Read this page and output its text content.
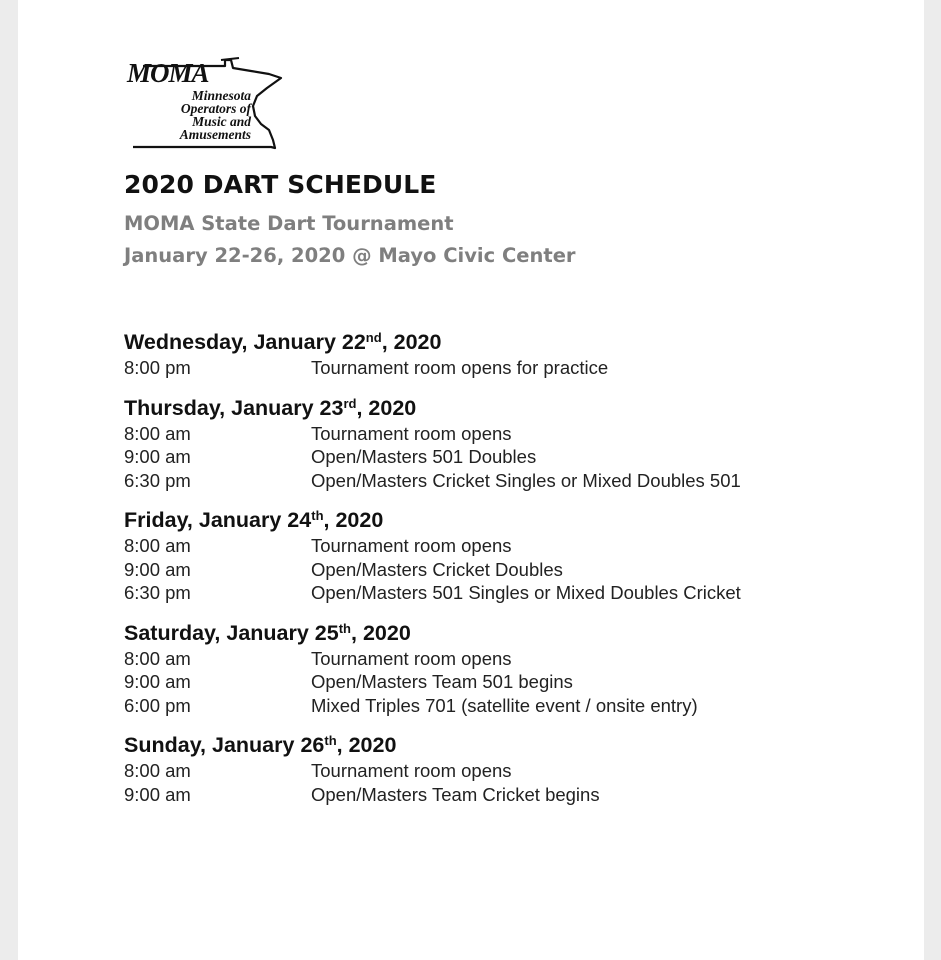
MOMA
Minnesota
Operators of
Music and
Amusements
2020 DART SCHEDULE
MOMA State Dart Tournament
January 22-26, 2020 @ Mayo Civic Center
Wednesday, January 22nd, 2020
8:00 pm	Tournament room opens for practice
Thursday, January 23rd, 2020
8:00 am	Tournament room opens
9:00 am	Open/Masters 501 Doubles
6:30 pm	Open/Masters Cricket Singles or Mixed Doubles 501
Friday, January 24th, 2020
8:00 am	Tournament room opens
9:00 am	Open/Masters Cricket Doubles
6:30 pm	Open/Masters 501 Singles or Mixed Doubles Cricket
Saturday, January 25th, 2020
8:00 am	Tournament room opens
9:00 am	Open/Masters Team 501 begins
6:00 pm	Mixed Triples 701 (satellite event / onsite entry)
Sunday, January 26th, 2020
8:00 am	Tournament room opens
9:00 am	Open/Masters Team Cricket begins
